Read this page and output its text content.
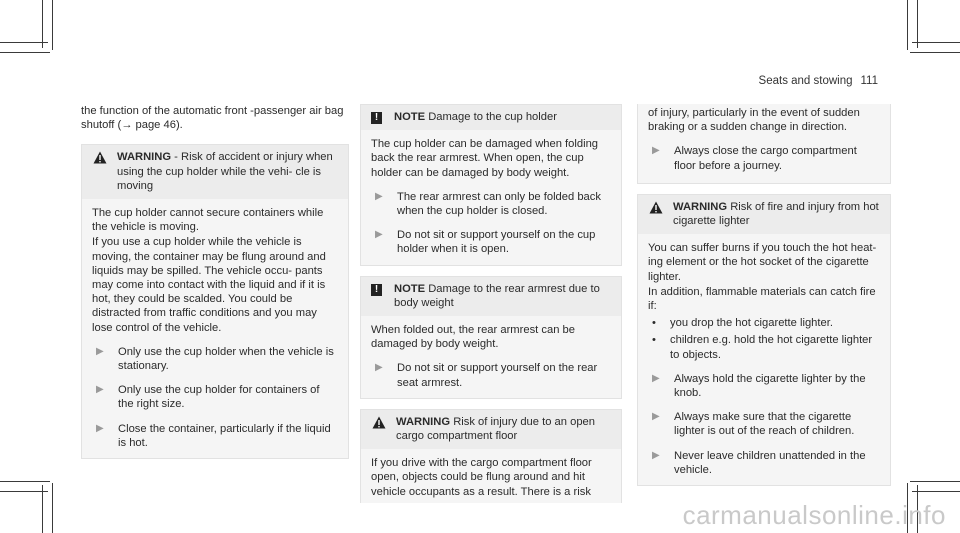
Seats and stowing 111

the function of the automatic front -passenger air bag shutoff (→ page 46).

WARNING - Risk of accident or injury when using the cup holder while the vehi- cle is moving

The cup holder cannot secure containers while the vehicle is moving.

If you use a cup holder while the vehicle is moving, the container may be flung around and liquids may be spilled. The vehicle occu- pants may come into contact with the liquid and if it is hot, they could be scalded. You could be distracted from traffic conditions and you may lose control of the vehicle.

▶	Only use the cup holder when the vehicle is stationary.
▶	Only use the cup holder for containers of the right size.
▶	Close the container, particularly if the liquid is hot.
!	NOTE Damage to the cup holder

The cup holder can be damaged when folding back the rear armrest. When open, the cup holder can be damaged by body weight.

▶	The rear armrest can only be folded back when the cup holder is closed.
▶	Do not sit or support yourself on the cup holder when it is open.
!	NOTE Damage to the rear armrest due to body weight

When folded out, the rear armrest can be damaged by body weight.

▶	Do not sit or support yourself on the rear seat armrest.

WARNING Risk of injury due to an open cargo compartment floor

If you drive with the cargo compartment floor open, objects could be flung around and hit vehicle occupants as a result. There is a risk

of injury, particularly in the event of sudden braking or a sudden change in direction.

▶	Always close the cargo compartment floor before a journey.

WARNING Risk of fire and injury from hot cigarette lighter

You can suffer burns if you touch the hot heat- ing element or the hot socket of the cigarette lighter.

In addition, flammable materials can catch fire if:

•	you drop the hot cigarette lighter.
•	children e.g. hold the hot cigarette lighter to objects.
▶	Always hold the cigarette lighter by the knob.
▶	Always make sure that the cigarette lighter is out of the reach of children.
▶	Never leave children unattended in the vehicle.
carmanualsonline.info
